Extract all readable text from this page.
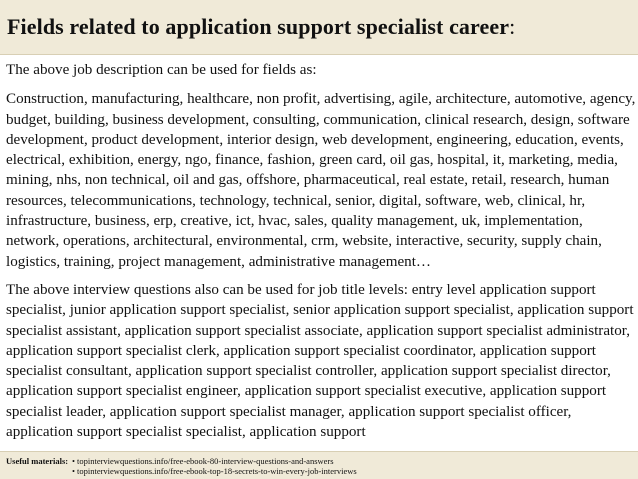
Fields related to application support specialist career:

The above job description can be used for fields as:

Construction, manufacturing, healthcare, non profit, advertising, agile, architecture, automotive, agency, budget, building, business development, consulting, communication, clinical research, design, software development, product development, interior design, web development, engineering, education, events, electrical, exhibition, energy, ngo, finance, fashion, green card, oil gas, hospital, it, marketing, media, mining, nhs, non technical, oil and gas, offshore, pharmaceutical, real estate, retail, research, human resources, telecommunications, technology, technical, senior, digital, software, web, clinical, hr, infrastructure, business, erp, creative, ict, hvac, sales, quality management, uk, implementation, network, operations, architectural, environmental, crm, website, interactive, security, supply chain, logistics, training, project management, administrative management…

The above interview questions also can be used for job title levels: entry level application support specialist, junior application support specialist, senior application support specialist, application support specialist assistant, application support specialist associate, application support specialist administrator, application support specialist clerk, application support specialist coordinator, application support specialist consultant, application support specialist controller, application support specialist director, application support specialist engineer, application support specialist executive, application support specialist leader, application support specialist manager, application support specialist officer, application support specialist specialist, application support

Useful materials: • topinterviewquestions.info/free-ebook-80-interview-questions-and-answers
• topinterviewquestions.info/free-ebook-top-18-secrets-to-win-every-job-interviews
